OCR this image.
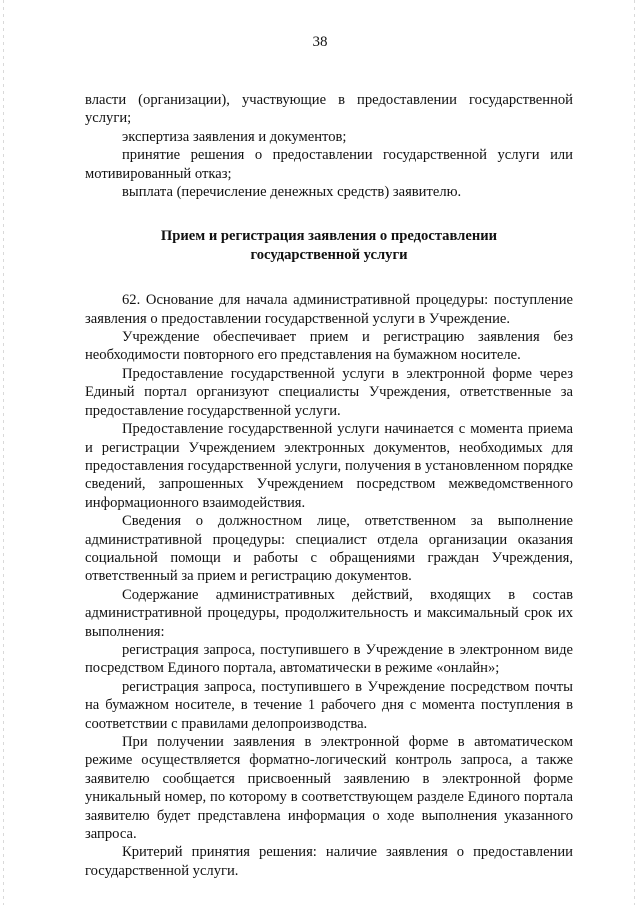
38

власти (организации), участвующие в предоставлении государственной услуги;

экспертиза заявления и документов;

принятие решения о предоставлении государственной услуги или мотивированный отказ;

выплата (перечисление денежных средств) заявителю.

Прием и регистрация заявления о предоставлении
государственной услуги

62. Основание для начала административной процедуры: поступление заявления о предоставлении государственной услуги в Учреждение.

Учреждение обеспечивает прием и регистрацию заявления без необходимости повторного его представления на бумажном носителе.

Предоставление государственной услуги в электронной форме через Единый портал организуют специалисты Учреждения, ответственные за предоставление государственной услуги.

Предоставление государственной услуги начинается с момента приема и регистрации Учреждением электронных документов, необходимых для предоставления государственной услуги, получения в установленном порядке сведений, запрошенных Учреждением посредством межведомственного информационного взаимодействия.

Сведения о должностном лице, ответственном за выполнение административной процедуры: специалист отдела организации оказания социальной помощи и работы с обращениями граждан Учреждения, ответственный за прием и регистрацию документов.

Содержание административных действий, входящих в состав административной процедуры, продолжительность и максимальный срок их выполнения:

регистрация запроса, поступившего в Учреждение в электронном виде посредством Единого портала, автоматически в режиме «онлайн»;

регистрация запроса, поступившего в Учреждение посредством почты на бумажном носителе, в течение 1 рабочего дня с момента поступления в соответствии с правилами делопроизводства.

При получении заявления в электронной форме в автоматическом режиме осуществляется форматно-логический контроль запроса, а также заявителю сообщается присвоенный заявлению в электронной форме уникальный номер, по которому в соответствующем разделе Единого портала заявителю будет представлена информация о ходе выполнения указанного запроса.

Критерий принятия решения: наличие заявления о предоставлении государственной услуги.
